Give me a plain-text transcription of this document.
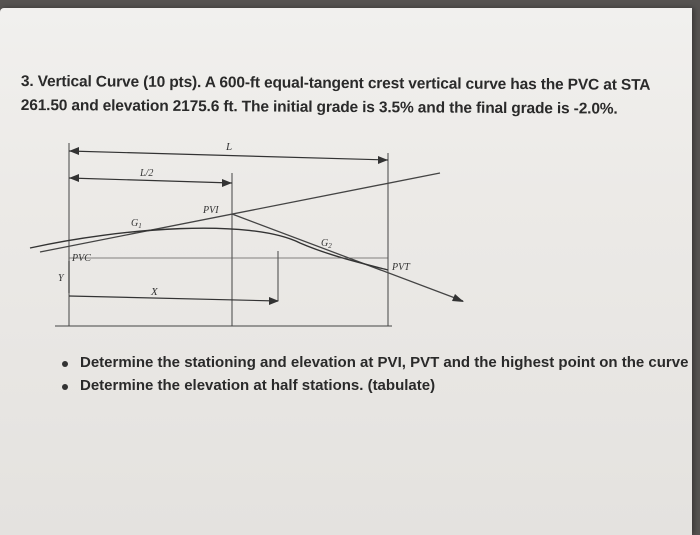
3. Vertical Curve (10 pts). A 600-ft equal-tangent crest vertical curve has the PVC at STA
261.50 and elevation 2175.6 ft. The initial grade is 3.5% and the final grade is -2.0%.

L
L/2
$G_1$
$G_2$
PVI
PVC
PVT
Y
X
Determine the stationing and elevation at PVI, PVT and the highest point on the curve
Determine the elevation at half stations. (tabulate)
